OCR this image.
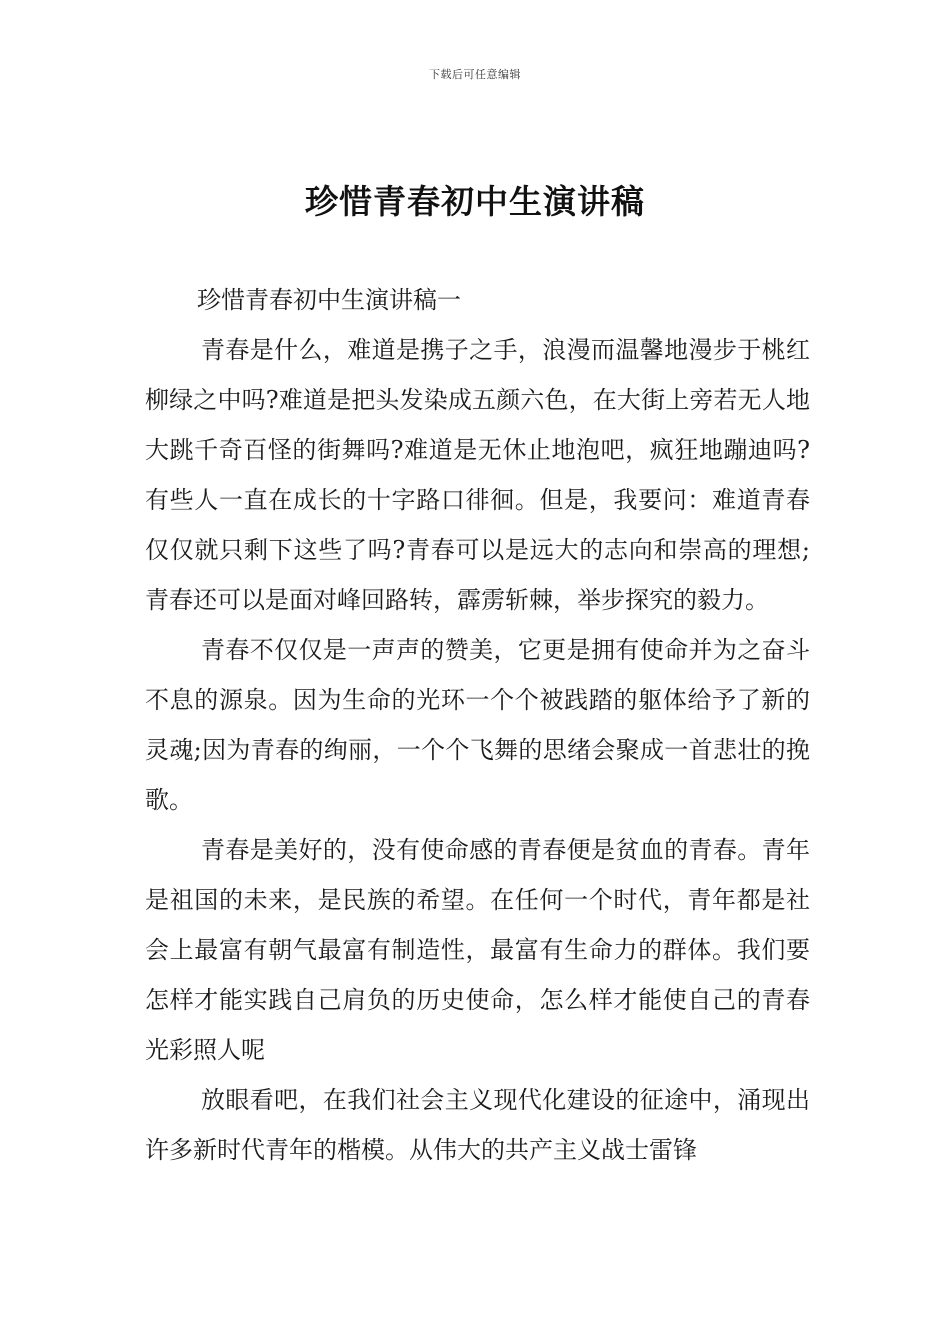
下载后可任意编辑
珍惜青春初中生演讲稿
珍惜青春初中生演讲稿一

青春是什么，难道是携子之手，浪漫而温馨地漫步于桃红柳绿之中吗?难道是把头发染成五颜六色，在大街上旁若无人地大跳千奇百怪的街舞吗?难道是无休止地泡吧，疯狂地蹦迪吗?有些人一直在成长的十字路口徘徊。但是，我要问：难道青春仅仅就只剩下这些了吗?青春可以是远大的志向和崇高的理想;青春还可以是面对峰回路转，霹雳斩棘，举步探究的毅力。

青春不仅仅是一声声的赞美，它更是拥有使命并为之奋斗不息的源泉。因为生命的光环一个个被践踏的躯体给予了新的灵魂;因为青春的绚丽，一个个飞舞的思绪会聚成一首悲壮的挽歌。

青春是美好的，没有使命感的青春便是贫血的青春。青年是祖国的未来，是民族的希望。在任何一个时代，青年都是社会上最富有朝气最富有制造性，最富有生命力的群体。我们要怎样才能实践自己肩负的历史使命，怎么样才能使自己的青春光彩照人呢

放眼看吧，在我们社会主义现代化建设的征途中，涌现出许多新时代青年的楷模。从伟大的共产主义战士雷锋
